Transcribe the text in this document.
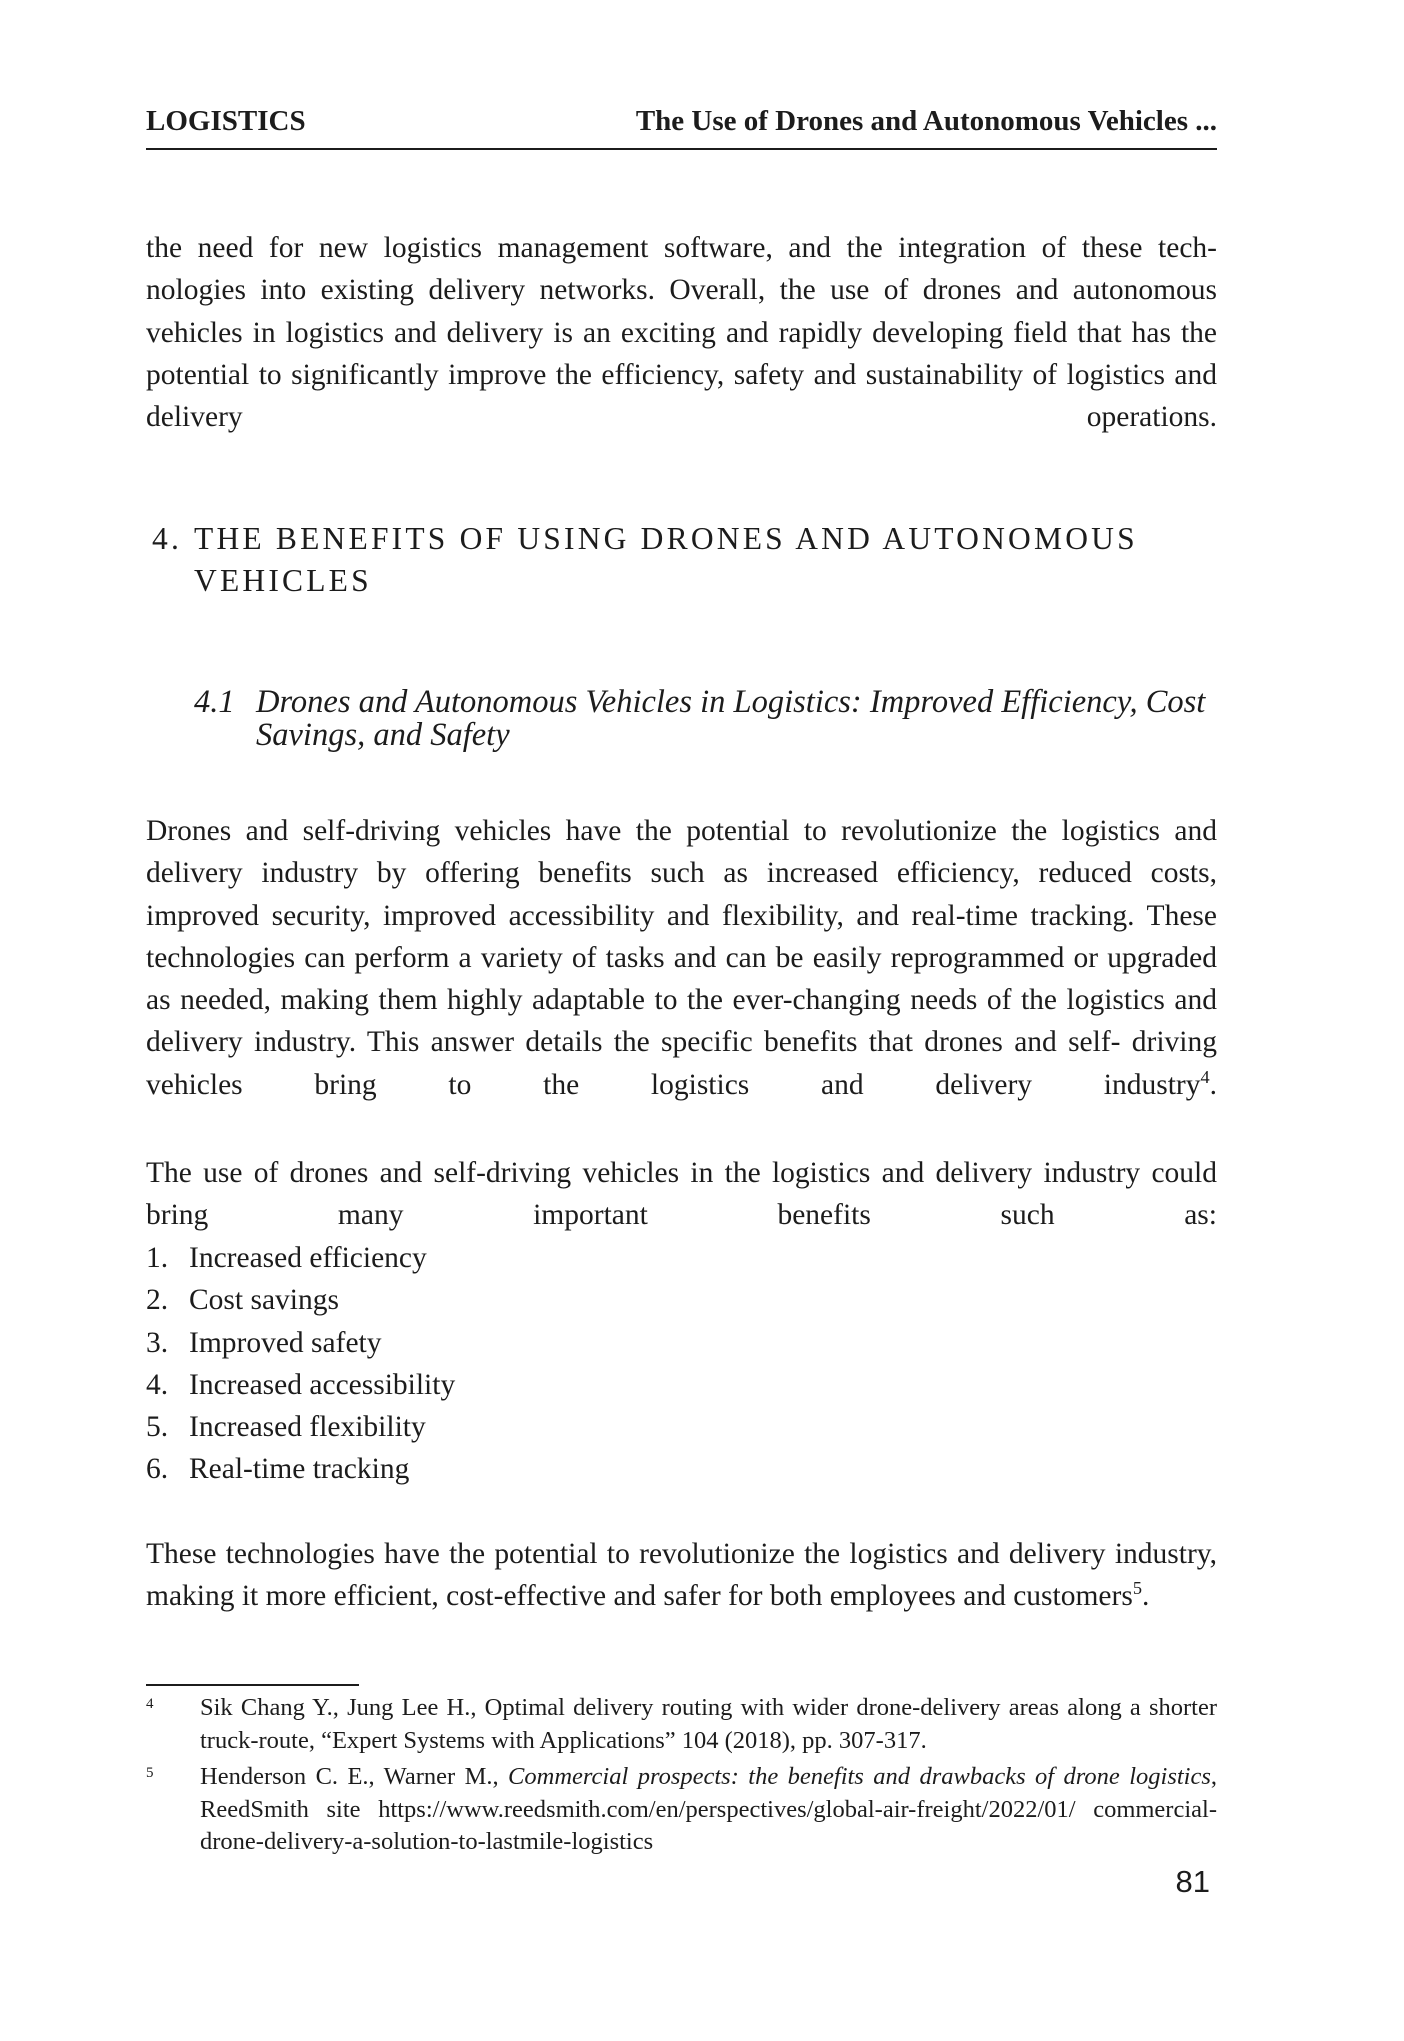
LOGISTICS	The Use of Drones and Autonomous Vehicles ...

the need for new logistics management software, and the integration of these tech-nologies into existing delivery networks. Overall, the use of drones and autonomous vehicles in logistics and delivery is an exciting and rapidly developing field that has the potential to significantly improve the efficiency, safety and sustainability of logistics and delivery operations.

4. THE BENEFITS OF USING DRONES AND AUTONOMOUS VEHICLES
4.1 Drones and Autonomous Vehicles in Logistics: Improved Efficiency, Cost Savings, and Safety

Drones and self-driving vehicles have the potential to revolutionize the logistics and delivery industry by offering benefits such as increased efficiency, reduced costs, improved security, improved accessibility and flexibility, and real-time tracking. These technologies can perform a variety of tasks and can be easily reprogrammed or upgraded as needed, making them highly adaptable to the ever-changing needs of the logistics and delivery industry. This answer details the specific benefits that drones and self- driving vehicles bring to the logistics and delivery industry$^4$.

The use of drones and self-driving vehicles in the logistics and delivery industry could bring many important benefits such as:

1. Increased efficiency
2. Cost savings
3. Improved safety
4. Increased accessibility
5. Increased flexibility
6. Real-time tracking

These technologies have the potential to revolutionize the logistics and delivery industry, making it more efficient, cost-effective and safer for both employees and customers$^5$.

4	Sik Chang Y., Jung Lee H., Optimal delivery routing with wider drone-delivery areas along a shorter truck-route, “Expert Systems with Applications” 104 (2018), pp. 307-317.
5	Henderson C. E., Warner M., Commercial prospects: the benefits and drawbacks of drone logistics, ReedSmith site https://www.reedsmith.com/en/perspectives/global-air-freight/2022/01/ commercial-drone-delivery-a-solution-to-lastmile-logistics
81
